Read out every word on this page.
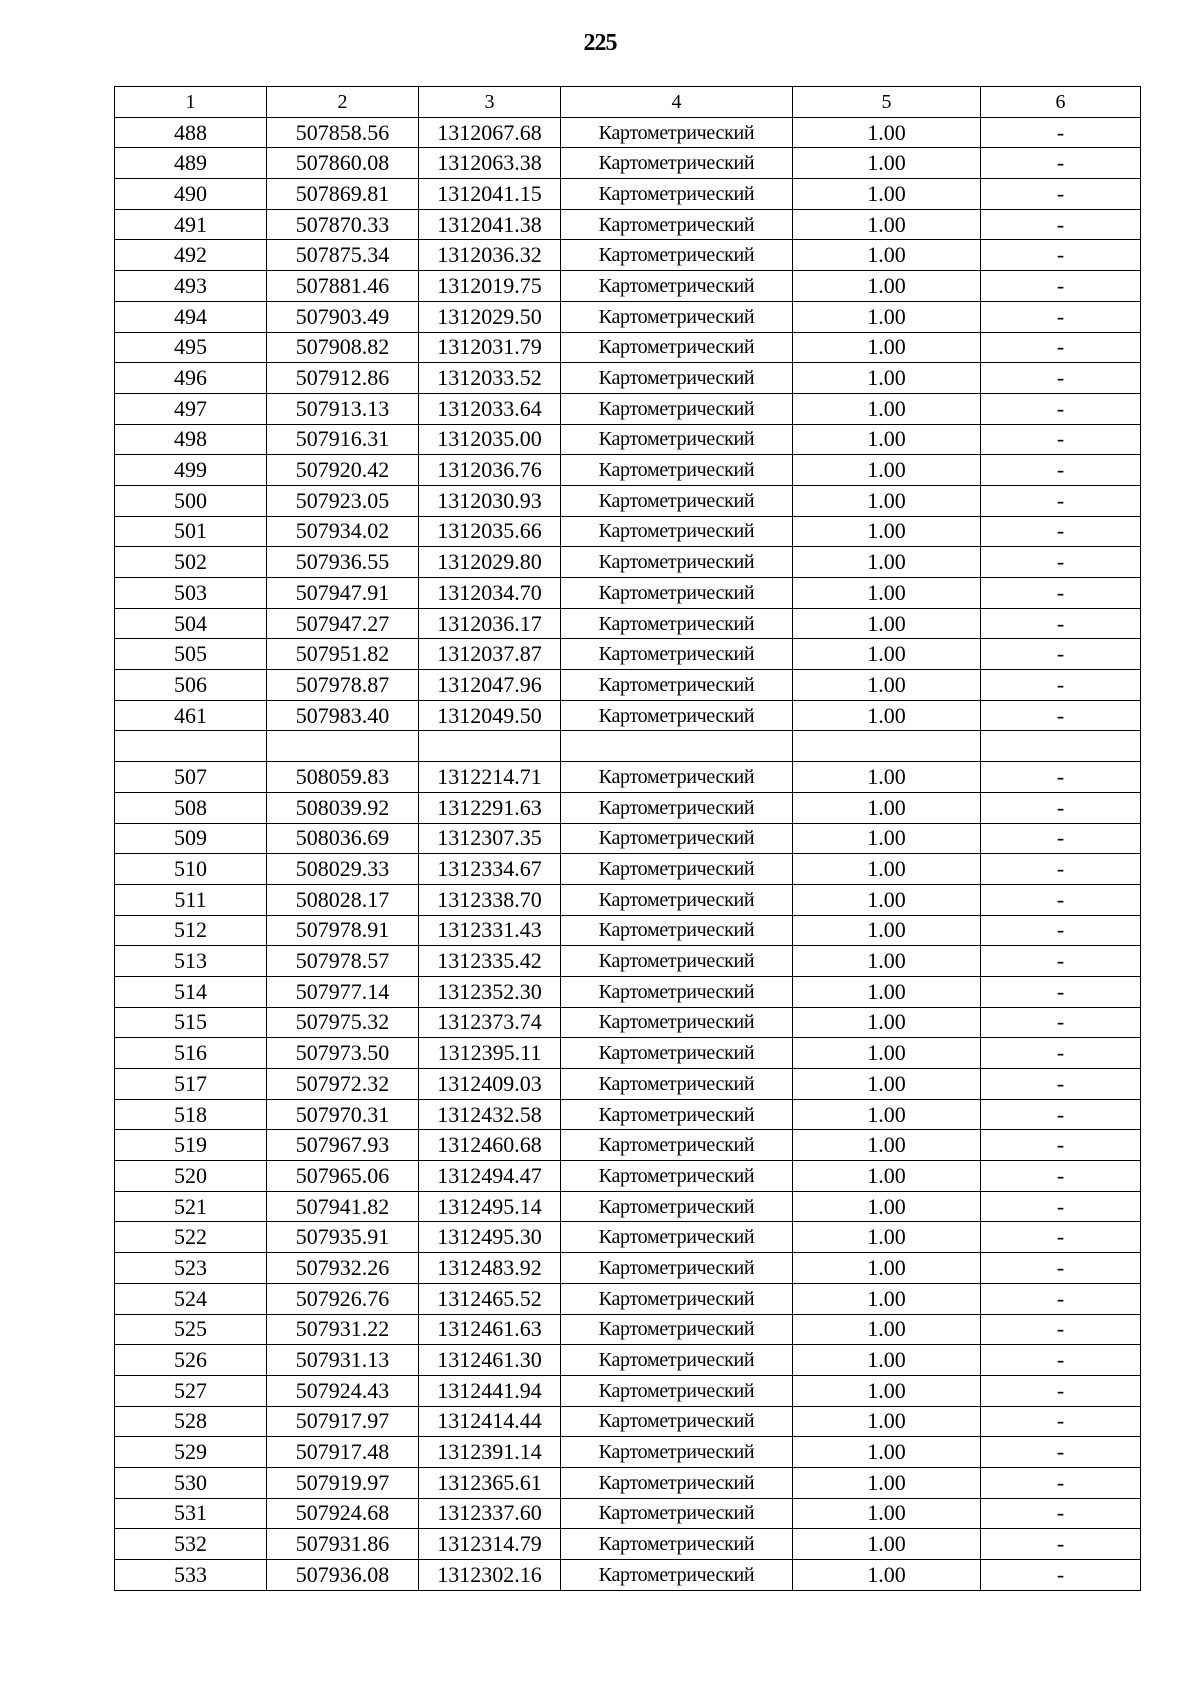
225
1	2	3	4	5	6
488	507858.56	1312067.68	Картометрический	1.00	-
489	507860.08	1312063.38	Картометрический	1.00	-
490	507869.81	1312041.15	Картометрический	1.00	-
491	507870.33	1312041.38	Картометрический	1.00	-
492	507875.34	1312036.32	Картометрический	1.00	-
493	507881.46	1312019.75	Картометрический	1.00	-
494	507903.49	1312029.50	Картометрический	1.00	-
495	507908.82	1312031.79	Картометрический	1.00	-
496	507912.86	1312033.52	Картометрический	1.00	-
497	507913.13	1312033.64	Картометрический	1.00	-
498	507916.31	1312035.00	Картометрический	1.00	-
499	507920.42	1312036.76	Картометрический	1.00	-
500	507923.05	1312030.93	Картометрический	1.00	-
501	507934.02	1312035.66	Картометрический	1.00	-
502	507936.55	1312029.80	Картометрический	1.00	-
503	507947.91	1312034.70	Картометрический	1.00	-
504	507947.27	1312036.17	Картометрический	1.00	-
505	507951.82	1312037.87	Картометрический	1.00	-
506	507978.87	1312047.96	Картометрический	1.00	-
461	507983.40	1312049.50	Картометрический	1.00	-

507	508059.83	1312214.71	Картометрический	1.00	-
508	508039.92	1312291.63	Картометрический	1.00	-
509	508036.69	1312307.35	Картометрический	1.00	-
510	508029.33	1312334.67	Картометрический	1.00	-
511	508028.17	1312338.70	Картометрический	1.00	-
512	507978.91	1312331.43	Картометрический	1.00	-
513	507978.57	1312335.42	Картометрический	1.00	-
514	507977.14	1312352.30	Картометрический	1.00	-
515	507975.32	1312373.74	Картометрический	1.00	-
516	507973.50	1312395.11	Картометрический	1.00	-
517	507972.32	1312409.03	Картометрический	1.00	-
518	507970.31	1312432.58	Картометрический	1.00	-
519	507967.93	1312460.68	Картометрический	1.00	-
520	507965.06	1312494.47	Картометрический	1.00	-
521	507941.82	1312495.14	Картометрический	1.00	-
522	507935.91	1312495.30	Картометрический	1.00	-
523	507932.26	1312483.92	Картометрический	1.00	-
524	507926.76	1312465.52	Картометрический	1.00	-
525	507931.22	1312461.63	Картометрический	1.00	-
526	507931.13	1312461.30	Картометрический	1.00	-
527	507924.43	1312441.94	Картометрический	1.00	-
528	507917.97	1312414.44	Картометрический	1.00	-
529	507917.48	1312391.14	Картометрический	1.00	-
530	507919.97	1312365.61	Картометрический	1.00	-
531	507924.68	1312337.60	Картометрический	1.00	-
532	507931.86	1312314.79	Картометрический	1.00	-
533	507936.08	1312302.16	Картометрический	1.00	-
